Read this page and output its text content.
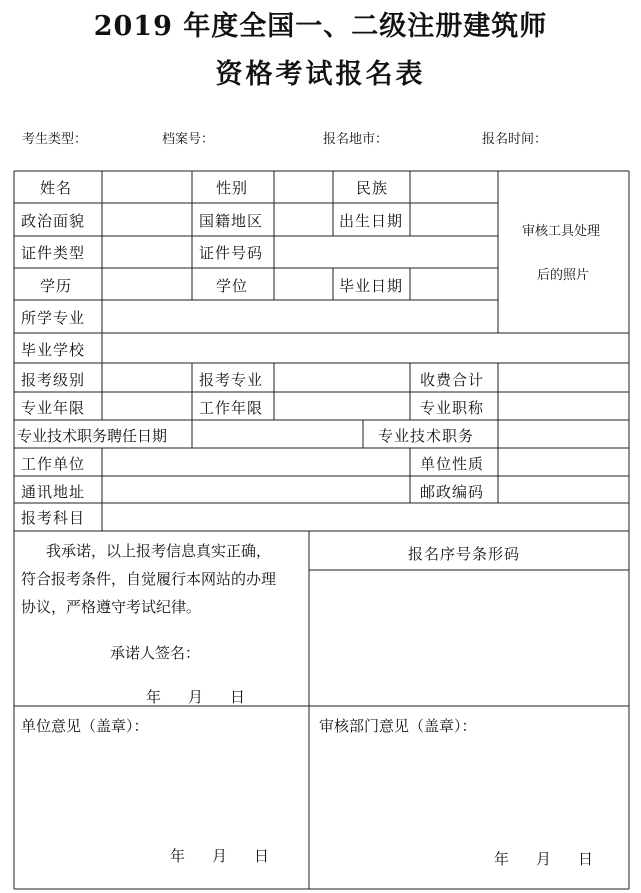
2019 年度全国一、二级注册建筑师
资格考试报名表
考生类型：	档案号：	报名地市：	报名时间：
姓名	性别	民族
政治面貌	国籍地区	出生日期
证件类型	证件号码
学历	学位	毕业日期
所学专业
毕业学校
审核工具处理
后的照片
报考级别	报考专业	收费合计
专业年限	工作年限	专业职称
专业技术职务聘任日期	专业技术职务
工作单位	单位性质
通讯地址	邮政编码
报考科目
我承诺，以上报考信息真实正确，
符合报考条件，自觉履行本网站的办理
协议，严格遵守考试纪律。
承诺人签名：
年 月 日
报名序号条形码
单位意见（盖章）：
年 月 日
审核部门意见（盖章）：
年 月 日
